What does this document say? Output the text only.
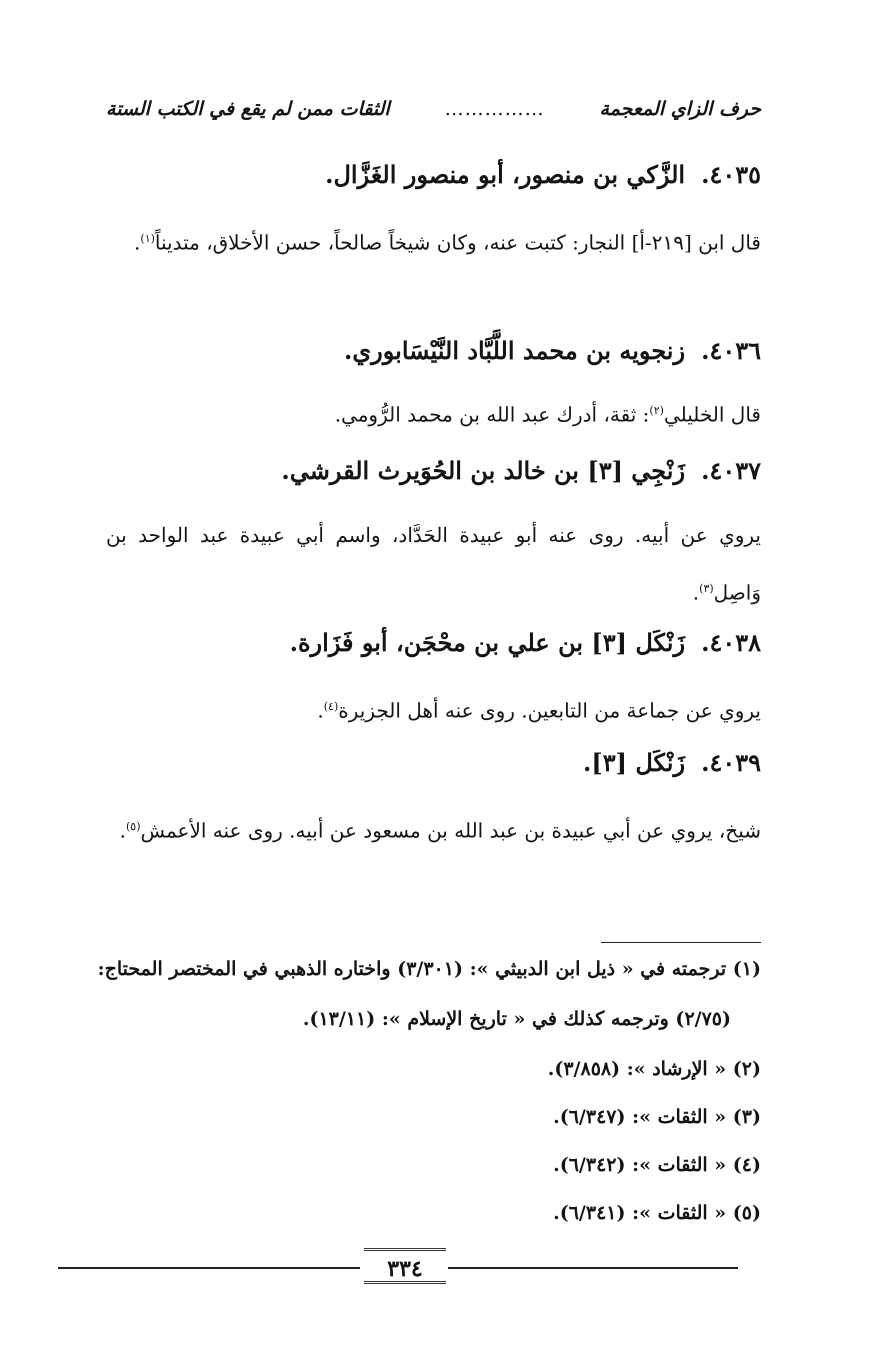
حرف الزاي المعجمة
……………
الثقات ممن لم يقع في الكتب الستة
٤٠٣٥.الزَّكي بن منصور، أبو منصور الغَزَّال.
قال ابن [٢١٩-أ] النجار: كتبت عنه، وكان شيخاً صالحاً، حسن الأخلاق، متديناً$^{(١)}$.
٤٠٣٦.زنجويه بن محمد اللَّبَّاد النَّيْسَابوري.
قال الخليلي$^{(٢)}$: ثقة، أدرك عبد الله بن محمد الرُّومي.
٤٠٣٧.زَنْجِي [٣] بن خالد بن الحُوَيرث القرشي.
يروي عن أبيه. روى عنه أبو عبيدة الحَدَّاد، واسم أبي عبيدة عبد الواحد بن وَاصِل$^{(٣)}$.
٤٠٣٨.زَنْكَل [٣] بن علي بن محْجَن، أبو فَزَارة.
يروي عن جماعة من التابعين. روى عنه أهل الجزيرة$^{(٤)}$.
٤٠٣٩.زَنْكَل [٣].
شيخ، يروي عن أبي عبيدة بن عبد الله بن مسعود عن أبيه. روى عنه الأعمش$^{(٥)}$.
(١) ترجمته في « ذيل ابن الدبيثي »: (٣/٣٠١) واختاره الذهبي في المختصر المحتاج:
(٢/٧٥) وترجمه كذلك في « تاريخ الإسلام »: (١٣/١١).
(٢) « الإرشاد »: (٣/٨٥٨).
(٣) « الثقات »: (٦/٣٤٧).
(٤) « الثقات »: (٦/٣٤٢).
(٥) « الثقات »: (٦/٣٤١).
٣٣٤
